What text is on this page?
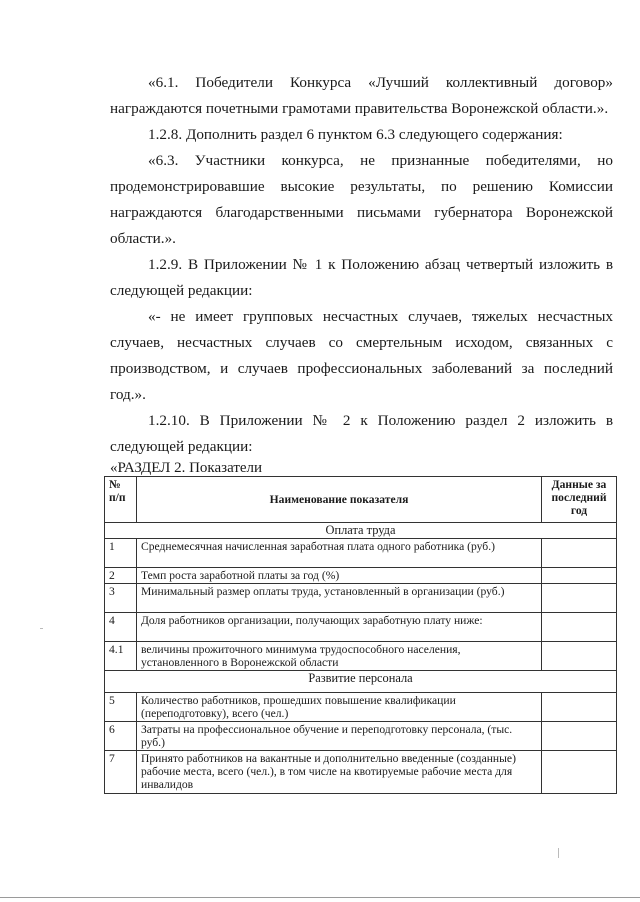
«6.1. Победители Конкурса «Лучший коллективный договор» награждаются почетными грамотами правительства Воронежской области.».

1.2.8. Дополнить раздел 6 пунктом 6.3 следующего содержания:

«6.3. Участники конкурса, не признанные победителями, но продемонстрировавшие высокие результаты, по решению Комиссии награждаются благодарственными письмами губернатора Воронежской области.».

1.2.9. В Приложении № 1 к Положению абзац четвертый изложить в следующей редакции:

«- не имеет групповых несчастных случаев, тяжелых несчастных случаев, несчастных случаев со смертельным исходом, связанных с производством, и случаев профессиональных заболеваний за последний год.».

1.2.10. В Приложении № 2 к Положению раздел 2 изложить в следующей редакции:

«РАЗДЕЛ 2. Показатели

№ п/п	Наименование показателя	Данные за последний год
Оплата труда		
1	Среднемесячная начисленная заработная плата одного работника (руб.)	
2	Темп роста заработной платы за год (%)	
3	Минимальный размер оплаты труда, установленный в организации (руб.)	
4	Доля работников организации, получающих заработную плату ниже:	
4.1	величины прожиточного минимума трудоспособного населения, установленного в Воронежской области	
Развитие персонала		
5	Количество работников, прошедших повышение квалификации (переподготовку), всего (чел.)	
6	Затраты на профессиональное обучение и переподготовку персонала, (тыс. руб.)	
7	Принято работников на вакантные и дополнительно введенные (созданные) рабочие места, всего (чел.), в том числе на квотируемые рабочие места для инвалидов	
